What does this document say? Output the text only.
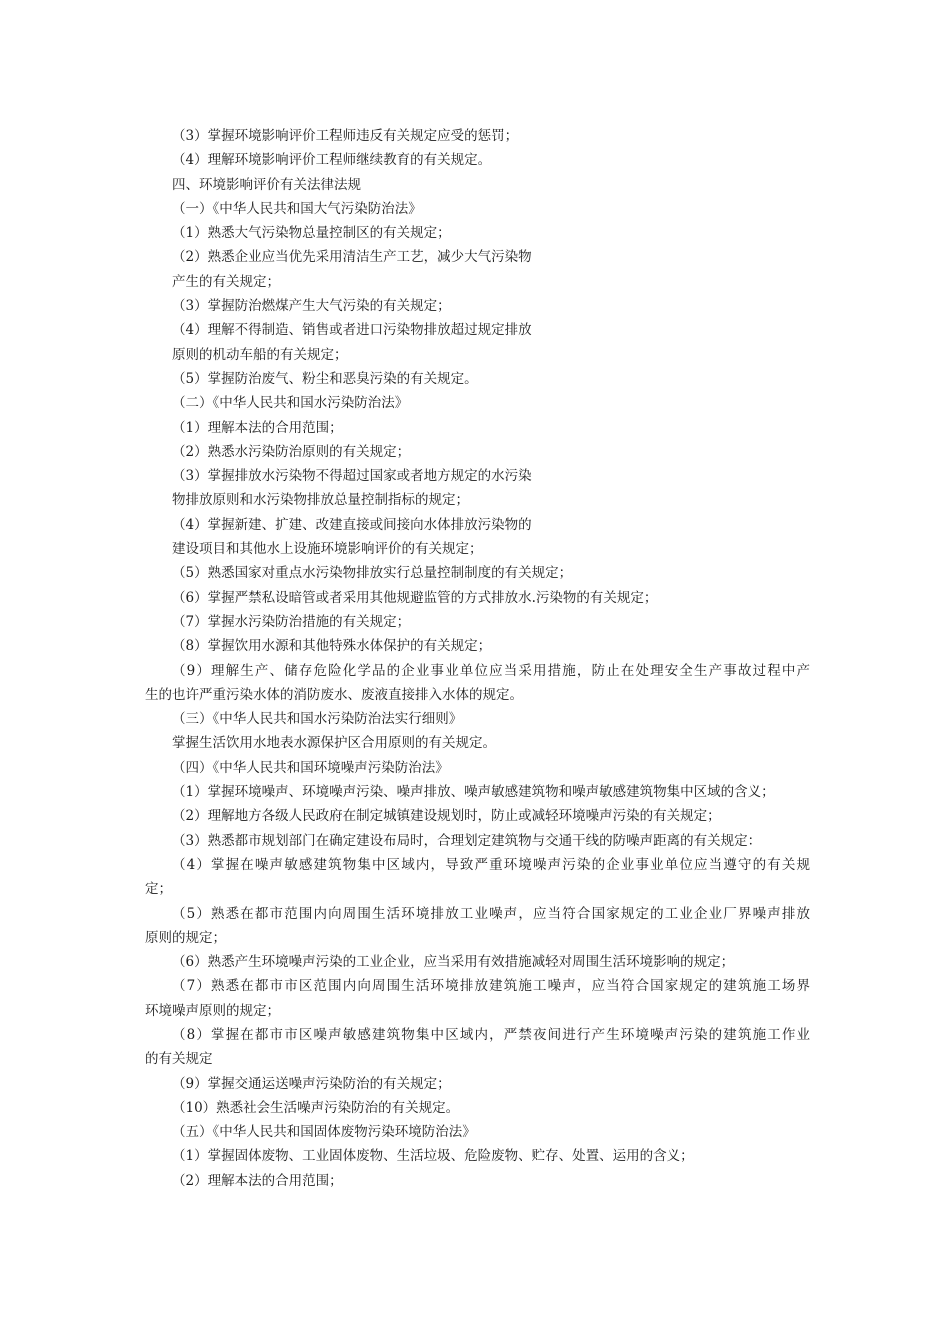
（3）掌握环境影响评价工程师违反有关规定应受的惩罚；
（4）理解环境影响评价工程师继续教育的有关规定。
四、环境影响评价有关法律法规
（一）《中华人民共和国大气污染防治法》
（1）熟悉大气污染物总量控制区的有关规定；
（2）熟悉企业应当优先采用清洁生产工艺，减少大气污染物
产生的有关规定；
（3）掌握防治燃煤产生大气污染的有关规定；
（4）理解不得制造、销售或者进口污染物排放超过规定排放
原则的机动车船的有关规定；
（5）掌握防治废气、粉尘和恶臭污染的有关规定。
（二）《中华人民共和国水污染防治法》
（1）理解本法的合用范围；
（2）熟悉水污染防治原则的有关规定；
（3）掌握排放水污染物不得超过国家或者地方规定的水污染
物排放原则和水污染物排放总量控制指标的规定；
（4）掌握新建、扩建、改建直接或间接向水体排放污染物的
建设项目和其他水上设施环境影响评价的有关规定；
（5）熟悉国家对重点水污染物排放实行总量控制制度的有关规定；
（6）掌握严禁私设暗管或者采用其他规避监管的方式排放水.污染物的有关规定；
（7）掌握水污染防治措施的有关规定；
（8）掌握饮用水源和其他特殊水体保护的有关规定；
（9）理解生产、储存危险化学品的企业事业单位应当采用措施，防止在处理安全生产事故过程中产
生的也许严重污染水体的消防废水、废液直接排入水体的规定。
（三）《中华人民共和国水污染防治法实行细则》
掌握生活饮用水地表水源保护区合用原则的有关规定。
（四）《中华人民共和国环境噪声污染防治法》
（1）掌握环境噪声、环境噪声污染、噪声排放、噪声敏感建筑物和噪声敏感建筑物集中区域的含义；
（2）理解地方各级人民政府在制定城镇建设规划时，防止或减轻环境噪声污染的有关规定；
（3）熟悉都市规划部门在确定建设布局时，合理划定建筑物与交通干线的防噪声距离的有关规定：
（4）掌握在噪声敏感建筑物集中区域内，导致严重环境噪声污染的企业事业单位应当遵守的有关规
定；
（5）熟悉在都市范围内向周围生活环境排放工业噪声，应当符合国家规定的工业企业厂界噪声排放
原则的规定；
（6）熟悉产生环境噪声污染的工业企业，应当采用有效措施减轻对周围生活环境影响的规定；
（7）熟悉在都市市区范围内向周围生活环境排放建筑施工噪声，应当符合国家规定的建筑施工场界
环境噪声原则的规定；
（8）掌握在都市市区噪声敏感建筑物集中区域内，严禁夜间进行产生环境噪声污染的建筑施工作业
的有关规定
（9）掌握交通运送噪声污染防治的有关规定；
（10）熟悉社会生活噪声污染防治的有关规定。
（五）《中华人民共和国固体废物污染环境防治法》
（1）掌握固体废物、工业固体废物、生活垃圾、危险废物、贮存、处置、运用的含义；
（2）理解本法的合用范围；
